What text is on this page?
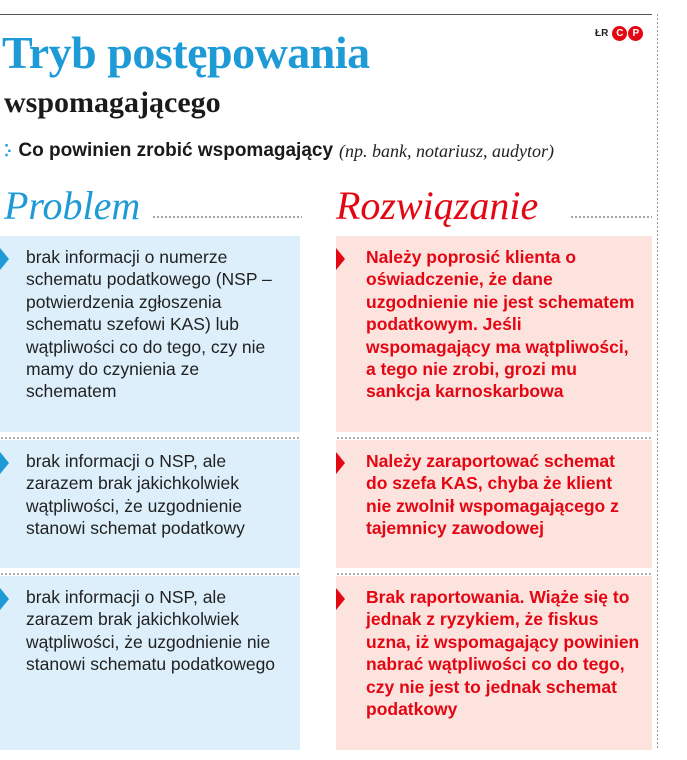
ŁR C P
Tryb postępowania
wspomagającego
⁚· Co powinien zrobić wspomagający (np. bank, notariusz, audytor)
Problem	Rozwiązanie
brak informacji o numerze schematu podatkowego (NSP – potwierdzenia zgłoszenia schematu szefowi KAS) lub wątpliwości co do tego, czy nie mamy do czynienia ze schematem
Należy poprosić klienta o oświadczenie, że dane uzgodnienie nie jest schematem podatkowym. Jeśli wspomagający ma wątpliwości, a tego nie zrobi, grozi mu sankcja karnoskarbowa
brak informacji o NSP, ale zarazem brak jakichkolwiek wątpliwości, że uzgodnienie stanowi schemat podatkowy
Należy zaraportować schemat do szefa KAS, chyba że klient nie zwolnił wspomagającego z tajemnicy zawodowej
brak informacji o NSP, ale zarazem brak jakichkolwiek wątpliwości, że uzgodnienie nie stanowi schematu podatkowego
Brak raportowania. Wiąże się to jednak z ryzykiem, że fiskus uzna, iż wspomagający powinien nabrać wątpliwości co do tego, czy nie jest to jednak schemat podatkowy
